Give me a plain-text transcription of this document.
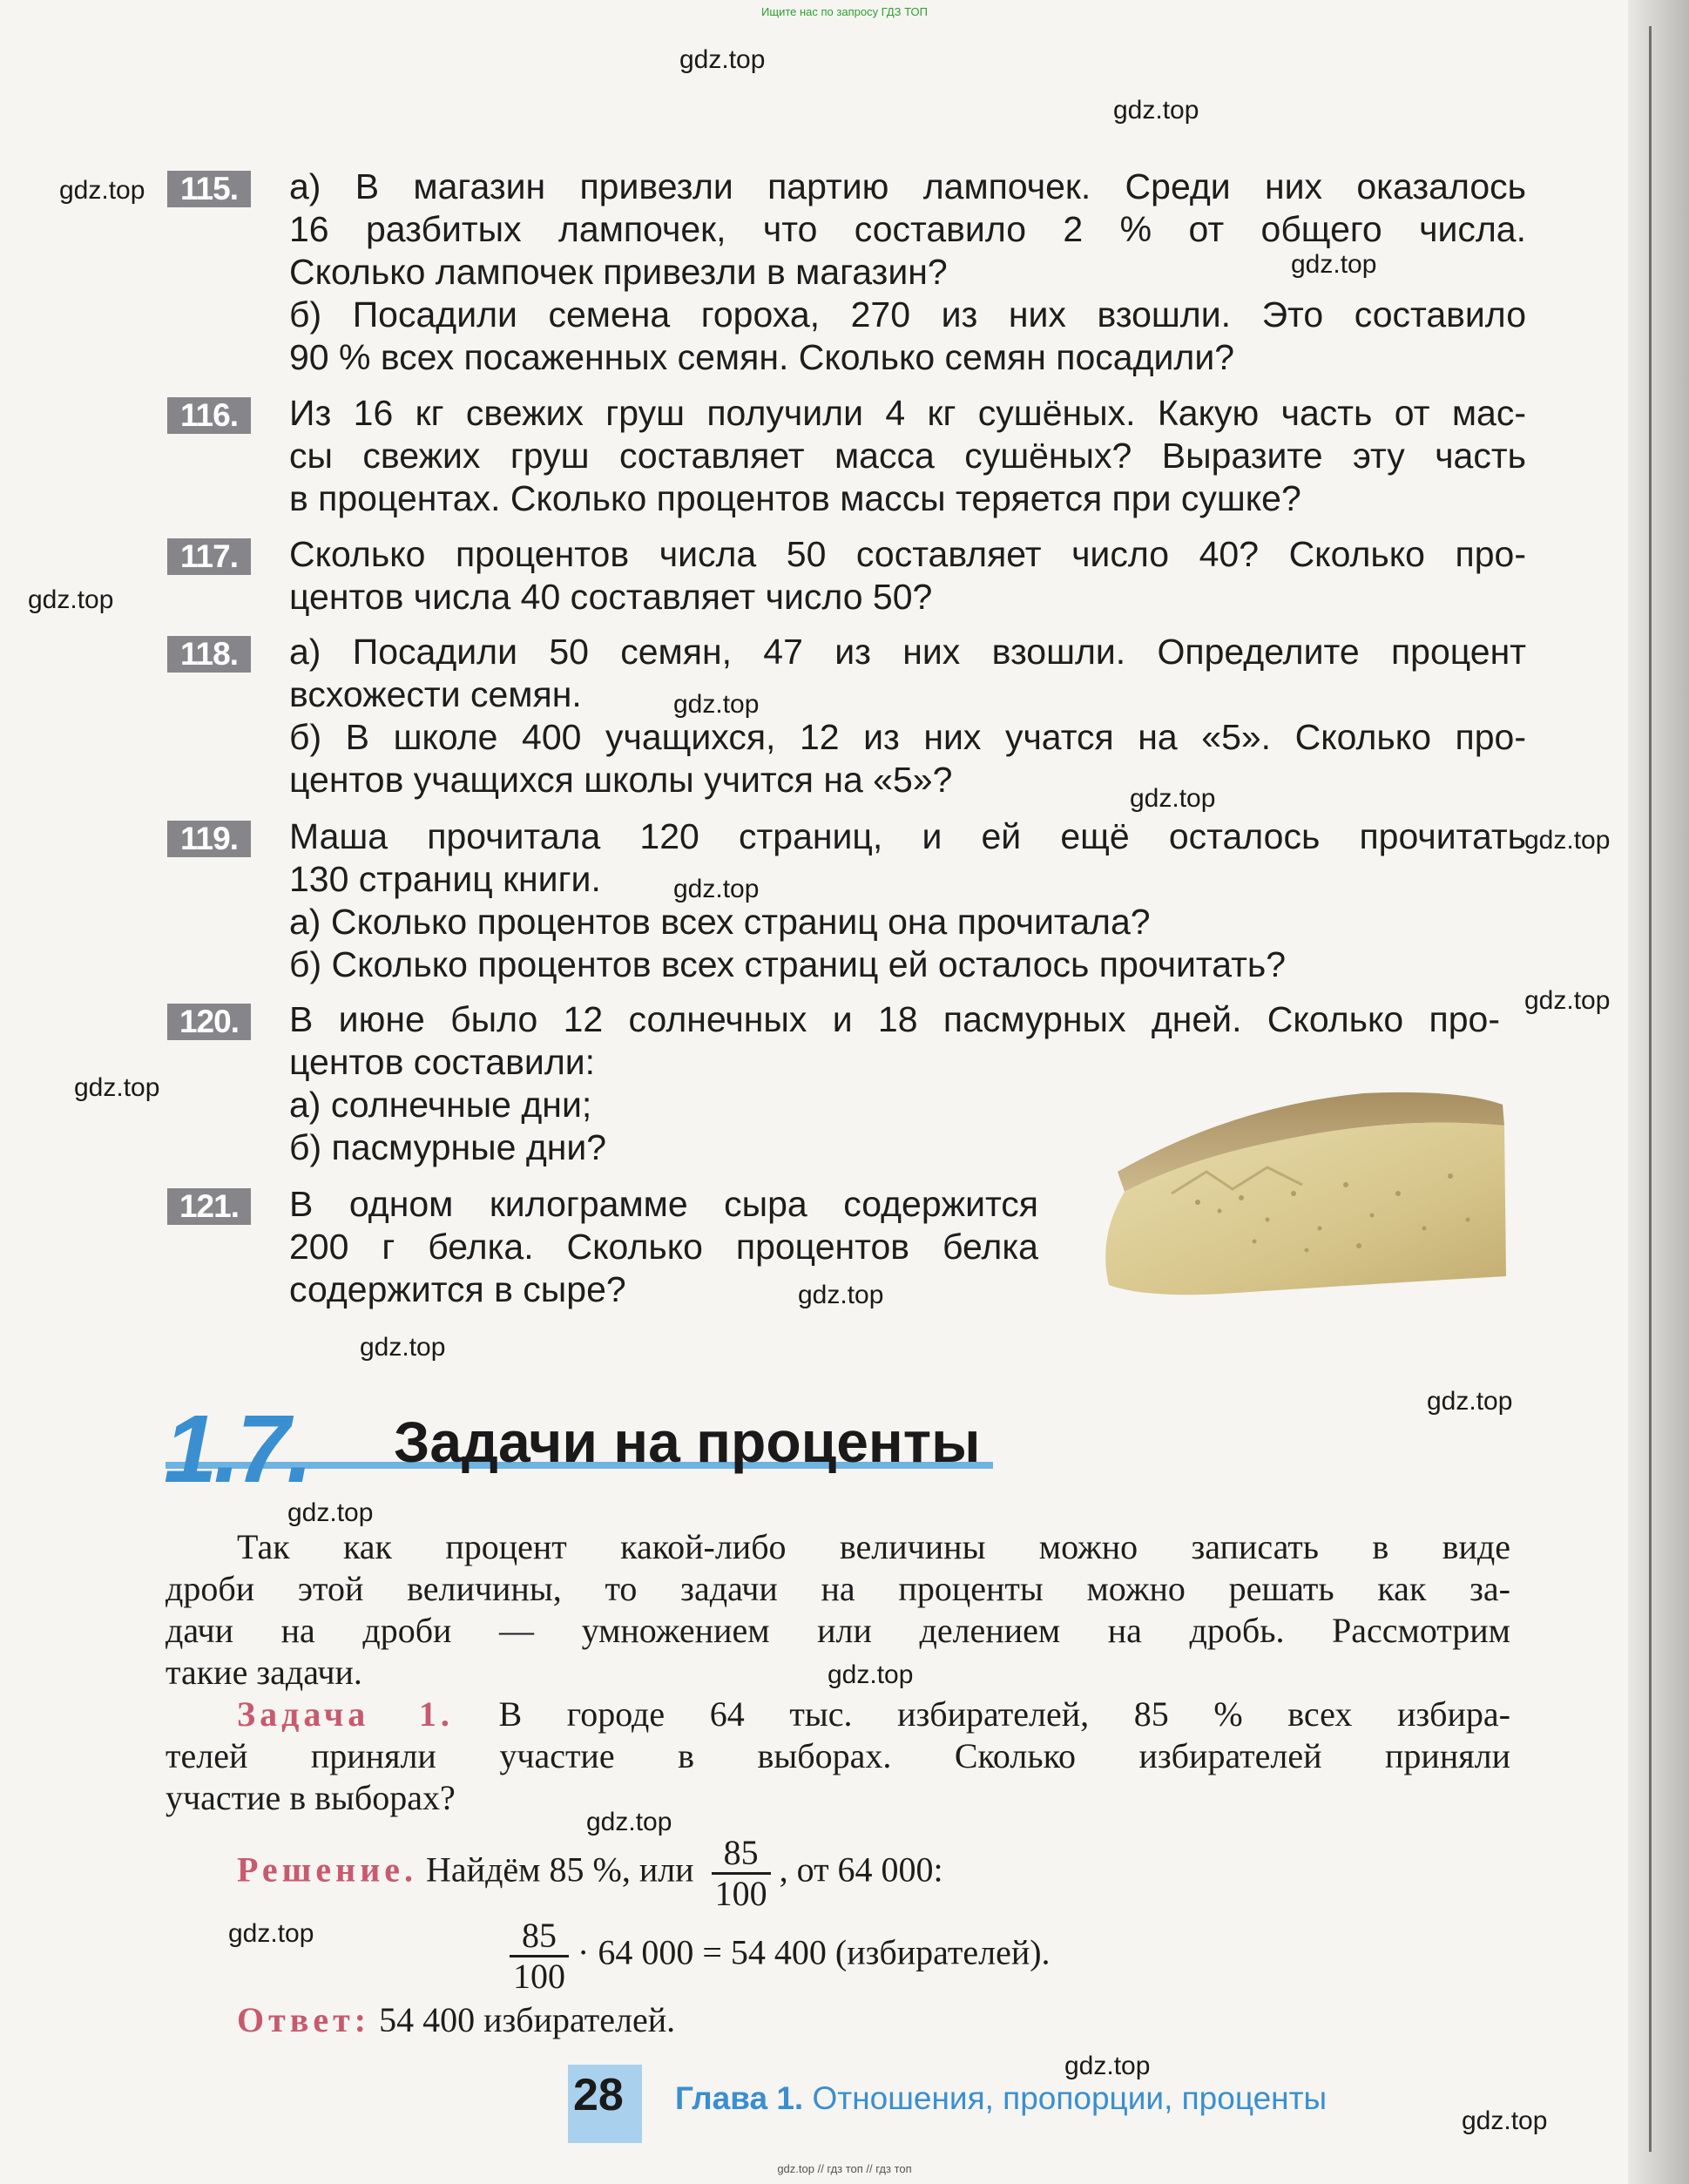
Ищите нас по запросу ГДЗ ТОП
gdz.top
gdz.top
gdz.top
gdz.top
gdz.top
gdz.top
gdz.top
gdz.top
gdz.top
gdz.top
gdz.top
gdz.top
gdz.top
gdz.top
gdz.top
gdz.top
gdz.top
gdz.top
gdz.top
gdz.top
115.	а) В магазин привезли партию лампочек. Среди них оказалось
16 разбитых лампочек, что составило 2 % от общего числа.
Сколько лампочек привезли в магазин?
б) Посадили семена гороха, 270 из них взошли. Это составило
90 % всех посаженных семян. Сколько семян посадили?
116.	Из 16 кг свежих груш получили 4 кг сушёных. Какую часть от мас-
сы свежих груш составляет масса сушёных? Выразите эту часть
в процентах. Сколько процентов массы теряется при сушке?
117.	Сколько процентов числа 50 составляет число 40? Сколько про-
центов числа 40 составляет число 50?
118.	а) Посадили 50 семян, 47 из них взошли. Определите процент
всхожести семян.
б) В школе 400 учащихся, 12 из них учатся на «5». Сколько про-
центов учащихся школы учится на «5»?
119.	Маша прочитала 120 страниц, и ей ещё осталось прочитать
130 страниц книги.
а) Сколько процентов всех страниц она прочитала?
б) Сколько процентов всех страниц ей осталось прочитать?
120.	В июне было 12 солнечных и 18 пасмурных дней. Сколько про-
центов составили:
а) солнечные дни;
б) пасмурные дни?
121.	В одном килограмме сыра содержится
200 г белка. Сколько процентов белка
содержится в сыре?
1.7. Задачи на проценты
Так как процент какой-либо величины можно записать в виде
дроби этой величины, то задачи на проценты можно решать как за-
дачи на дроби — умножением или делением на дробь. Рассмотрим
такие задачи.
Задача 1. В городе 64 тыс. избирателей, 85 % всех избира-
телей приняли участие в выборах. Сколько избирателей приняли
участие в выборах?
Решение. Найдём 85 %, или $\frac{85}{100}$ , от 64 000:
$\frac{85}{100} \cdot 64$ 000 = 54 400 (избирателей).
Ответ: 54 400 избирателей.
28 Глава 1. Отношения, пропорции, проценты
gdz.top // гдз топ // гдз топ
